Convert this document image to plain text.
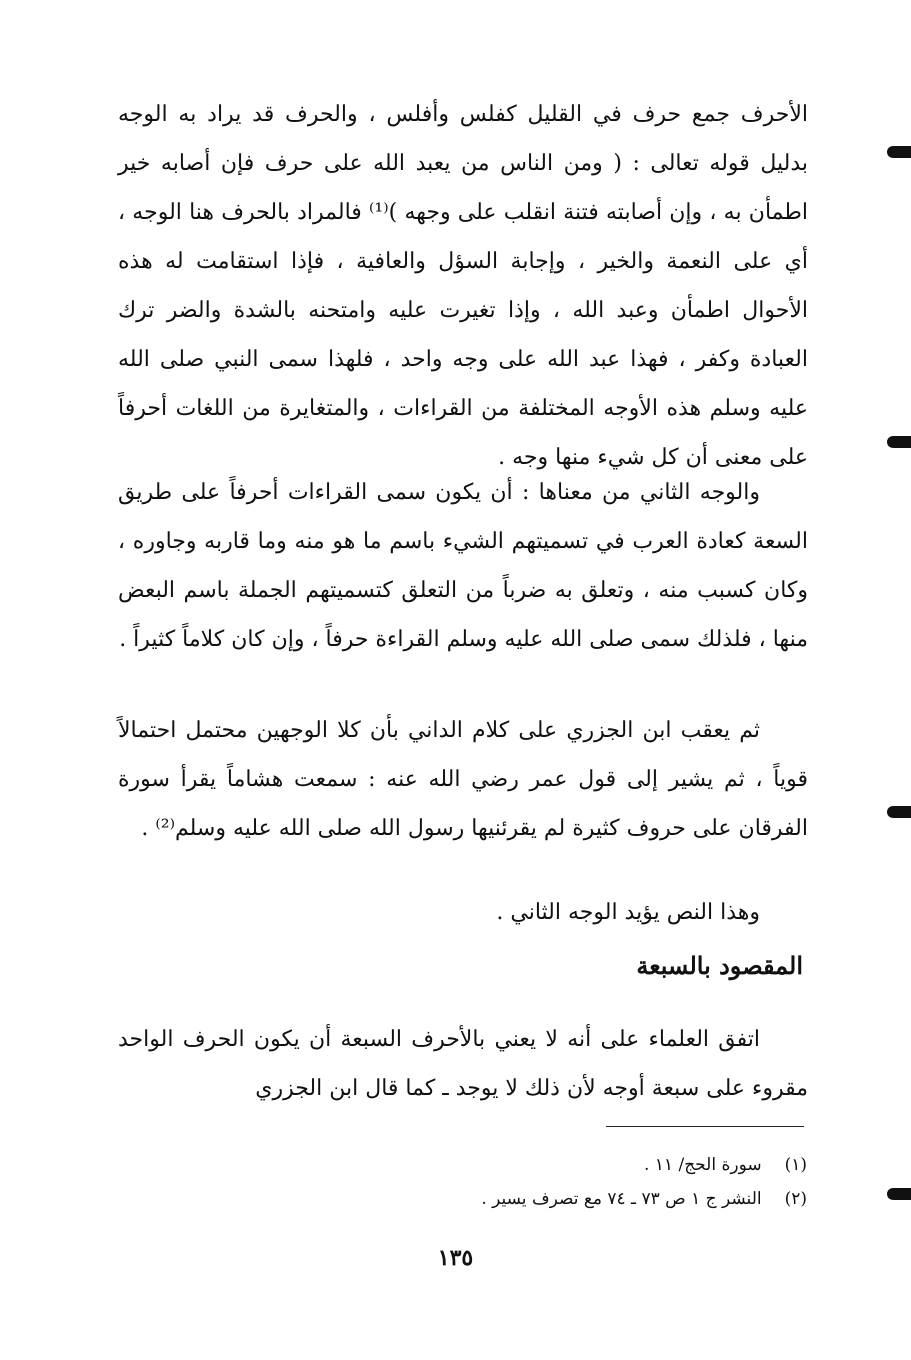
الأحرف جمع حرف في القليل كفلس وأفلس ، والحرف قد يراد به الوجه بدليل قوله تعالى : ( ومن الناس من يعبد الله على حرف فإن أصابه خير اطمأن به ، وإن أصابته فتنة انقلب على وجهه )⁽¹⁾ فالمراد بالحرف هنا الوجه ، أي على النعمة والخير ، وإجابة السؤل والعافية ، فإذا استقامت له هذه الأحوال اطمأن وعبد الله ، وإذا تغيرت عليه وامتحنه بالشدة والضر ترك العبادة وكفر ، فهذا عبد الله على وجه واحد ، فلهذا سمى النبي صلى الله عليه وسلم هذه الأوجه المختلفة من القراءات ، والمتغايرة من اللغات أحرفاً على معنى أن كل شيء منها وجه .

والوجه الثاني من معناها : أن يكون سمى القراءات أحرفاً على طريق السعة كعادة العرب في تسميتهم الشيء باسم ما هو منه وما قاربه وجاوره ، وكان كسبب منه ، وتعلق به ضرباً من التعلق كتسميتهم الجملة باسم البعض منها ، فلذلك سمى صلى الله عليه وسلم القراءة حرفاً ، وإن كان كلاماً كثيراً .

ثم يعقب ابن الجزري على كلام الداني بأن كلا الوجهين محتمل احتمالاً قوياً ، ثم يشير إلى قول عمر رضي الله عنه : سمعت هشاماً يقرأ سورة الفرقان على حروف كثيرة لم يقرئنيها رسول الله صلى الله عليه وسلم⁽²⁾ .

وهذا النص يؤيد الوجه الثاني .

المقصود بالسبعة

اتفق العلماء على أنه لا يعني بالأحرف السبعة أن يكون الحرف الواحد مقروء على سبعة أوجه لأن ذلك لا يوجد ـ كما قال ابن الجزري

(١) سورة الحج/ ١١ .
(٢) النشر ج ١ ص ٧٣ ـ ٧٤ مع تصرف يسير .
١٣٥
